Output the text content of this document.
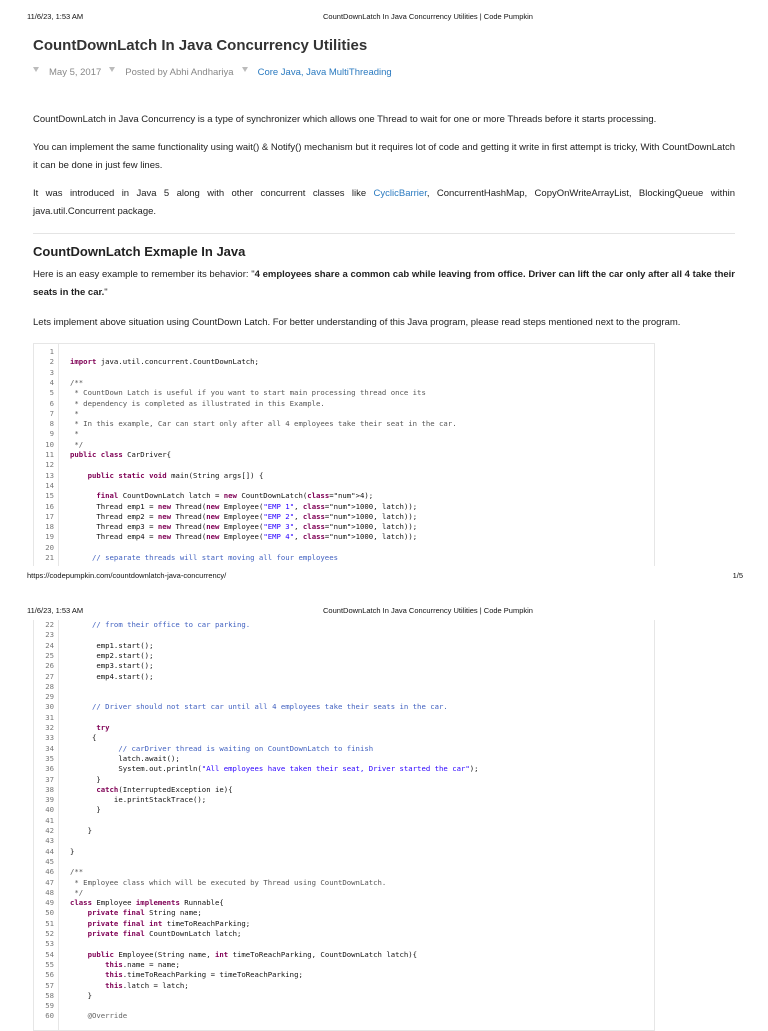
11/6/23, 1:53 AM	CountDownLatch In Java Concurrency Utilities | Code Pumpkin
CountDownLatch In Java Concurrency Utilities
May 5, 2017	Posted by Abhi Andhariya	Core Java, Java MultiThreading

CountDownLatch in Java Concurrency is a type of synchronizer which allows one Thread to wait for one or more Threads before it starts processing.

You can implement the same functionality using wait() & Notify() mechanism but it requires lot of code and getting it write in first attempt is tricky, With CountDownLatch it can be done in just few lines.

It was introduced in Java 5 along with other concurrent classes like CyclicBarrier, ConcurrentHashMap, CopyOnWriteArrayList, BlockingQueue within java.util.Concurrent package.

CountDownLatch Exmaple In Java

Here is an easy example to remember its behavior: "4 employees share a common cab while leaving from office. Driver can lift the car only after all 4 take their seats in the car."

Lets implement above situation using CountDown Latch. For better understanding of this Java program, please read steps mentioned next to the program.

1
2 import java.util.concurrent.CountDownLatch;
3
4 /**
5 * CountDown Latch is useful if you want to start main processing thread once its
6 * dependency is completed as illustrated in this Example.
7 *
8 * In this example, Car can start only after all 4 employees take their seat in the car.
9 *
10 */
11 public class CarDriver{
12
13	public static void main(String args[]) {
14
15	final CountDownLatch latch = new CountDownLatch(class="num">4);
16 Thread emp1 = new Thread(new Employee("EMP 1", class="num">1000, latch));
17 Thread emp2 = new Thread(new Employee("EMP 2", class="num">1000, latch));
18 Thread emp3 = new Thread(new Employee("EMP 3", class="num">1000, latch));
19 Thread emp4 = new Thread(new Employee("EMP 4", class="num">1000, latch));
20
21 // separate threads will start moving all four employees
https://codepumpkin.com/countdownlatch-java-concurrency/	1/5
11/6/23, 1:53 AM	CountDownLatch In Java Concurrency Utilities | Code Pumpkin
22 // from their office to car parking.
23
24 emp1.start();
25 emp2.start();
26 emp3.start();
27 emp4.start();
28
29
30 // Driver should not start car until all 4 employees take their seats in the car.
31
32	try
33 {
34 // carDriver thread is waiting on CountDownLatch to finish
35 latch.await();
36 System.out.println("All employees have taken their seat, Driver started the car");
37 }
38	catch(InterruptedException ie){
39 ie.printStackTrace();
40 }
41
42 }
43
44 }
45
46 /**
47 * Employee class which will be executed by Thread using CountDownLatch.
48 */
49 class Employee implements Runnable{
50	private final String name;
51	private final int timeToReachParking;
52	private final CountDownLatch latch;
53
54	public Employee(String name, int timeToReachParking, CountDownLatch latch){
55	this.name = name;
56	this.timeToReachParking = timeToReachParking;
57	this.latch = latch;
58 }
59
60 @Override
